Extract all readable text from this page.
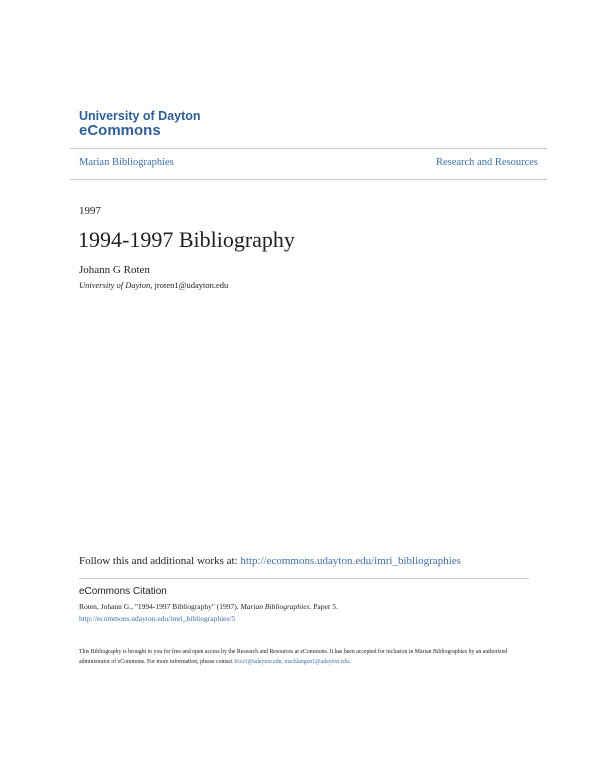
University of Dayton
eCommons
Marian Bibliographies	Research and Resources
1997
1994-1997 Bibliography
Johann G Roten
University of Dayton, jroten1@udayton.edu
Follow this and additional works at: http://ecommons.udayton.edu/imri_bibliographies
eCommons Citation
Roten, Johann G., "1994-1997 Bibliography" (1997). Marian Bibliographies. Paper 5.
http://ecommons.udayton.edu/imri_bibliographies/5
This Bibliography is brought to you for free and open access by the Research and Resources at eCommons. It has been accepted for inclusion in Marian Bibliographies by an authorized administrator of eCommons. For more information, please contact frice1@udayton.edu, mschlangen1@udayton.edu.
